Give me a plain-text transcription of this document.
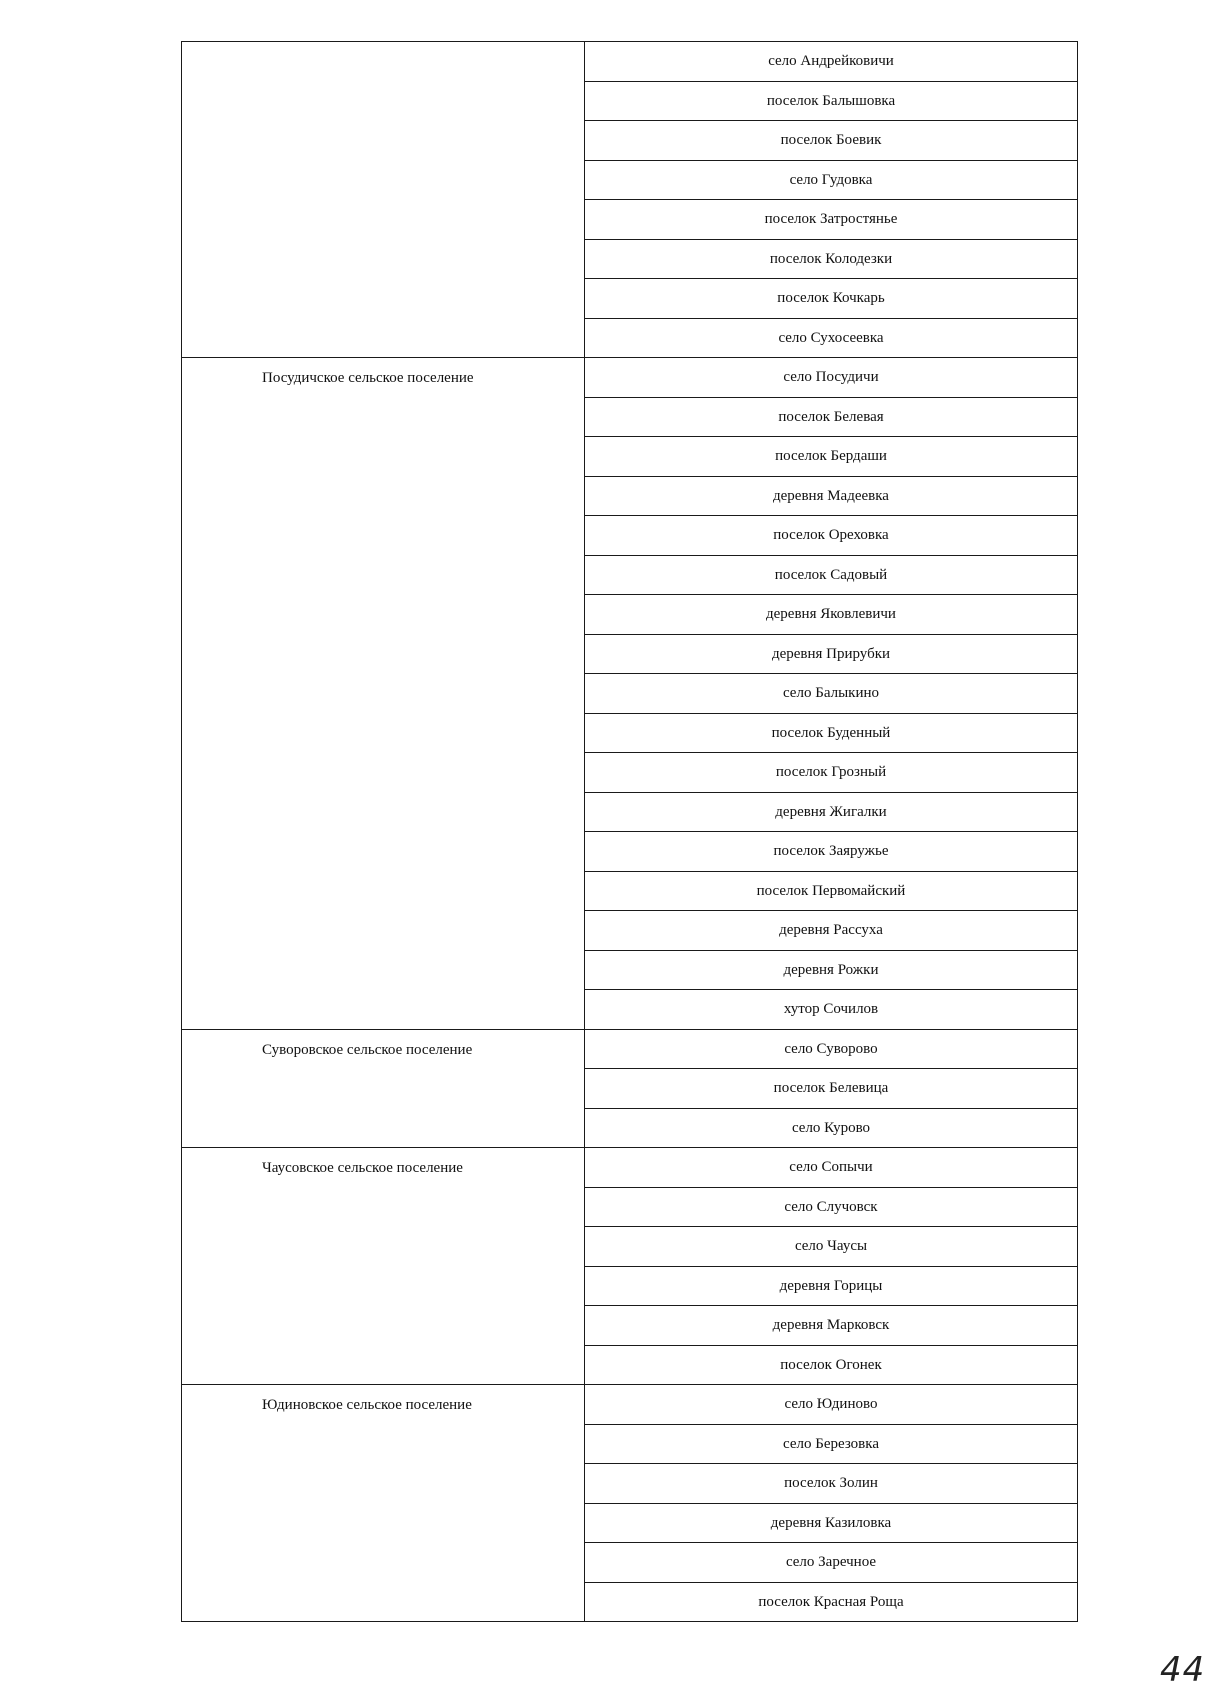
	село Андрейковичи
	поселок Балышовка
	поселок Боевик
	село Гудовка
	поселок Затростянье
	поселок Колодезки
	поселок Кочкарь
	село Сухосеевка
Посудичское сельское поселение	село Посудичи
	поселок Белевая
	поселок Бердаши
	деревня Мадеевка
	поселок Ореховка
	поселок Садовый
	деревня Яковлевичи
	деревня Прирубки
	село Балыкино
	поселок Буденный
	поселок Грозный
	деревня Жигалки
	поселок Заяружье
	поселок Первомайский
	деревня Рассуха
	деревня Рожки
	хутор Сочилов
Суворовское сельское поселение	село Суворово
	поселок Белевица
	село Курово
Чаусовское сельское поселение	село Сопычи
	село Случовск
	село Чаусы
	деревня Горицы
	деревня Марковск
	поселок Огонек
Юдиновское сельское поселение	село Юдиново
	село Березовка
	поселок Золин
	деревня Казиловка
	село Заречное
	поселок Красная Роща
44
